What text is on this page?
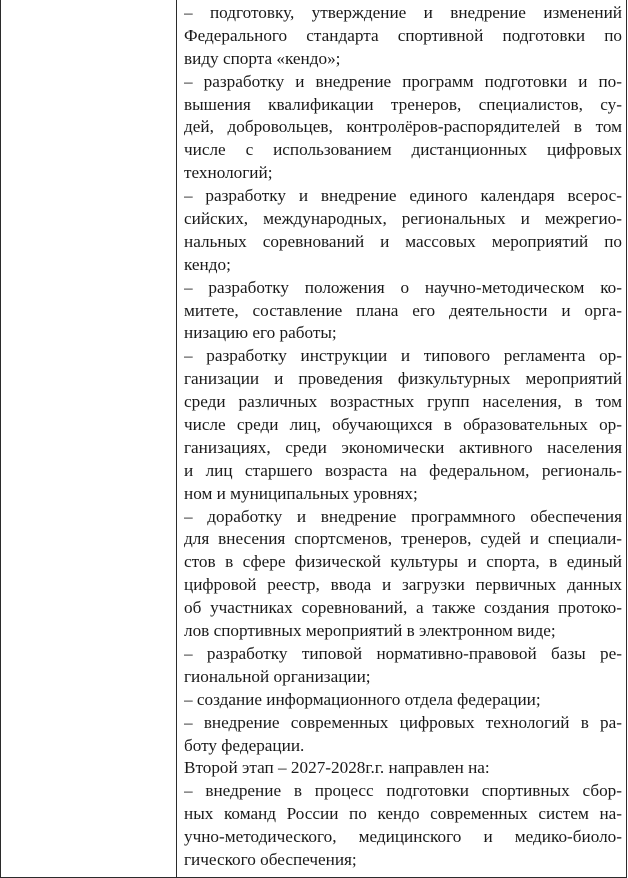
– подготовку, утверждение и внедрение изменений
Федерального стандарта спортивной подготовки по
виду спорта «кендо»;
– разработку и внедрение программ подготовки и по-
вышения квалификации тренеров, специалистов, су-
дей, добровольцев, контролёров-распорядителей в том
числе с использованием дистанционных цифровых
технологий;
– разработку и внедрение единого календаря всерос-
сийских, международных, региональных и межрегио-
нальных соревнований и массовых мероприятий по
кендо;
– разработку положения о научно-методическом ко-
митете, составление плана его деятельности и орга-
низацию его работы;
– разработку инструкции и типового регламента ор-
ганизации и проведения физкультурных мероприятий
среди различных возрастных групп населения, в том
числе среди лиц, обучающихся в образовательных ор-
ганизациях, среди экономически активного населения
и лиц старшего возраста на федеральном, региональ-
ном и муниципальных уровнях;
– доработку и внедрение программного обеспечения
для внесения спортсменов, тренеров, судей и специали-
стов в сфере физической культуры и спорта, в единый
цифровой реестр, ввода и загрузки первичных данных
об участниках соревнований, а также создания протоко-
лов спортивных мероприятий в электронном виде;
– разработку типовой нормативно-правовой базы ре-
гиональной организации;
– создание информационного отдела федерации;
– внедрение современных цифровых технологий в ра-
боту федерации.
Второй этап – 2027-2028г.г. направлен на:
– внедрение в процесс подготовки спортивных сбор-
ных команд России по кендо современных систем на-
учно-методического, медицинского и медико-биоло-
гического обеспечения;
